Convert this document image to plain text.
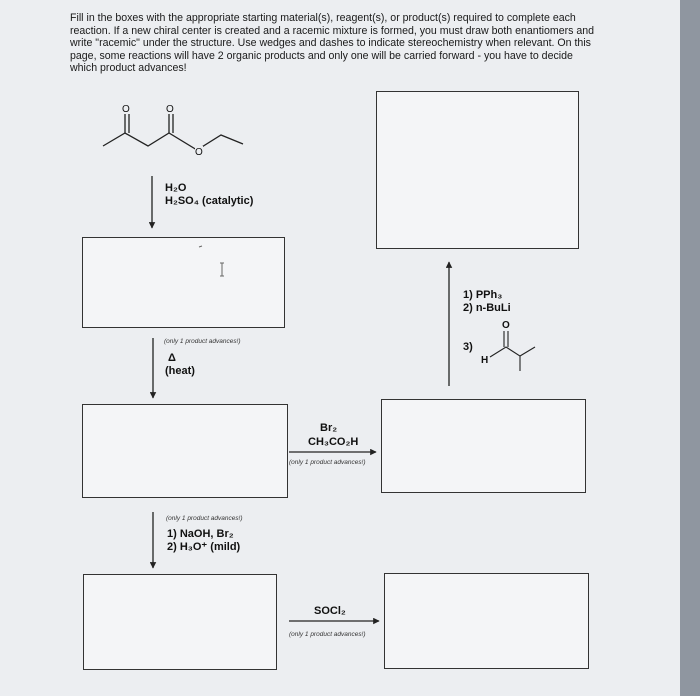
Fill in the boxes with the appropriate starting material(s), reagent(s), or product(s) required to complete each reaction. If a new chiral center is created and a racemic mixture is formed, you must draw both enantiomers and write "racemic" under the structure. Use wedges and dashes to indicate stereochemistry when relevant. On this page, some reactions will have 2 organic products and only one will be carried forward - you have to decide which product advances!
O	O
O
O
H
H₂O
H₂SO₄ (catalytic)
(only 1 product advances!)
Δ
(heat)
(only 1 product advances!)
1) NaOH, Br₂
2) H₃O⁺ (mild)
Br₂
CH₃CO₂H
(only 1 product advances!)
SOCl₂
(only 1 product advances!)
1) PPh₃
2) n-BuLi
3)
